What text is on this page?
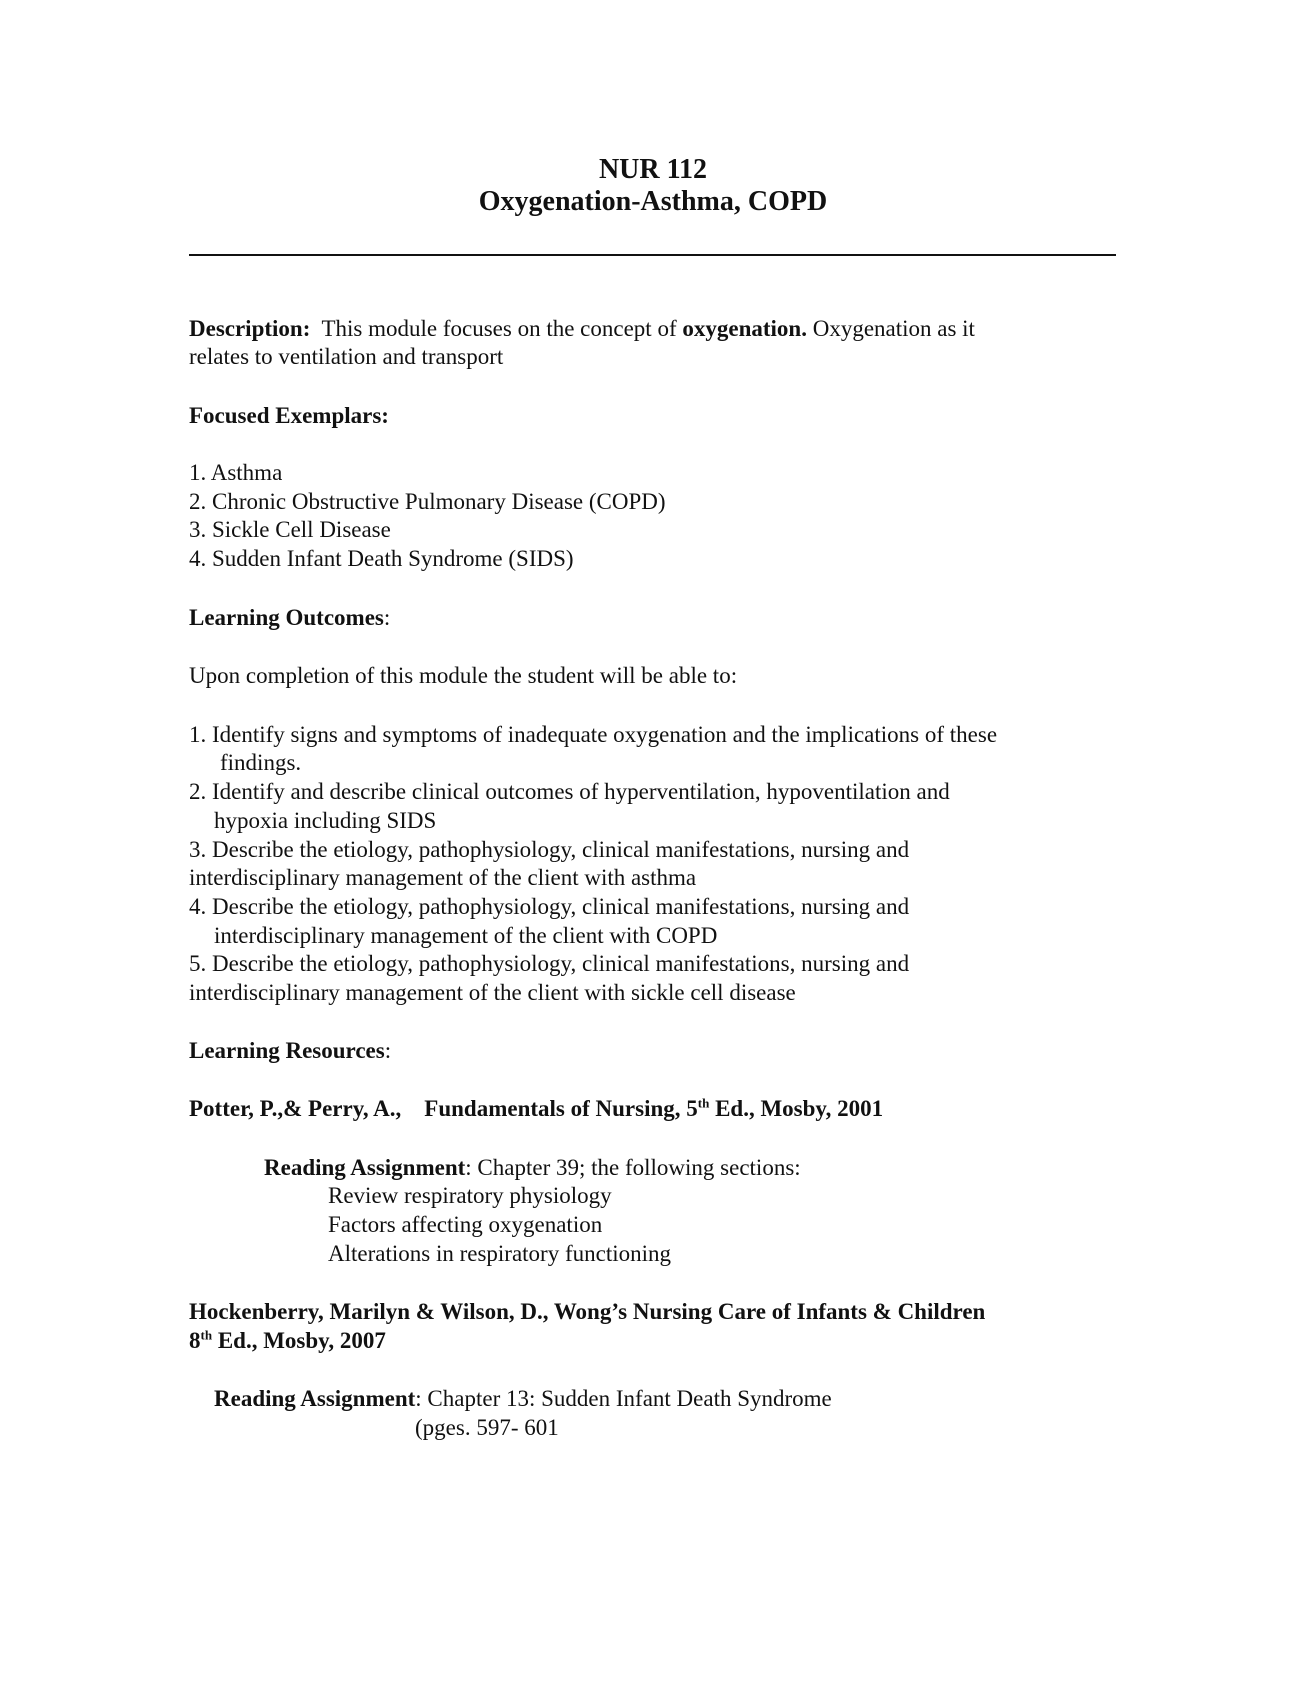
NUR 112
Oxygenation-Asthma, COPD
Description: This module focuses on the concept of oxygenation. Oxygenation as it
relates to ventilation and transport
Focused Exemplars:
1. Asthma
2. Chronic Obstructive Pulmonary Disease (COPD)
3. Sickle Cell Disease
4. Sudden Infant Death Syndrome (SIDS)
Learning Outcomes:
Upon completion of this module the student will be able to:
1. Identify signs and symptoms of inadequate oxygenation and the implications of these
findings.
2. Identify and describe clinical outcomes of hyperventilation, hypoventilation and
hypoxia including SIDS
3. Describe the etiology, pathophysiology, clinical manifestations, nursing and
interdisciplinary management of the client with asthma
4. Describe the etiology, pathophysiology, clinical manifestations, nursing and
interdisciplinary management of the client with COPD
5. Describe the etiology, pathophysiology, clinical manifestations, nursing and
interdisciplinary management of the client with sickle cell disease
Learning Resources:
Potter, P.,& Perry, A., Fundamentals of Nursing, 5th Ed., Mosby, 2001
Reading Assignment: Chapter 39; the following sections:
Review respiratory physiology
Factors affecting oxygenation
Alterations in respiratory functioning
Hockenberry, Marilyn & Wilson, D., Wong’s Nursing Care of Infants & Children
8th Ed., Mosby, 2007
Reading Assignment: Chapter 13: Sudden Infant Death Syndrome
(pges. 597- 601
